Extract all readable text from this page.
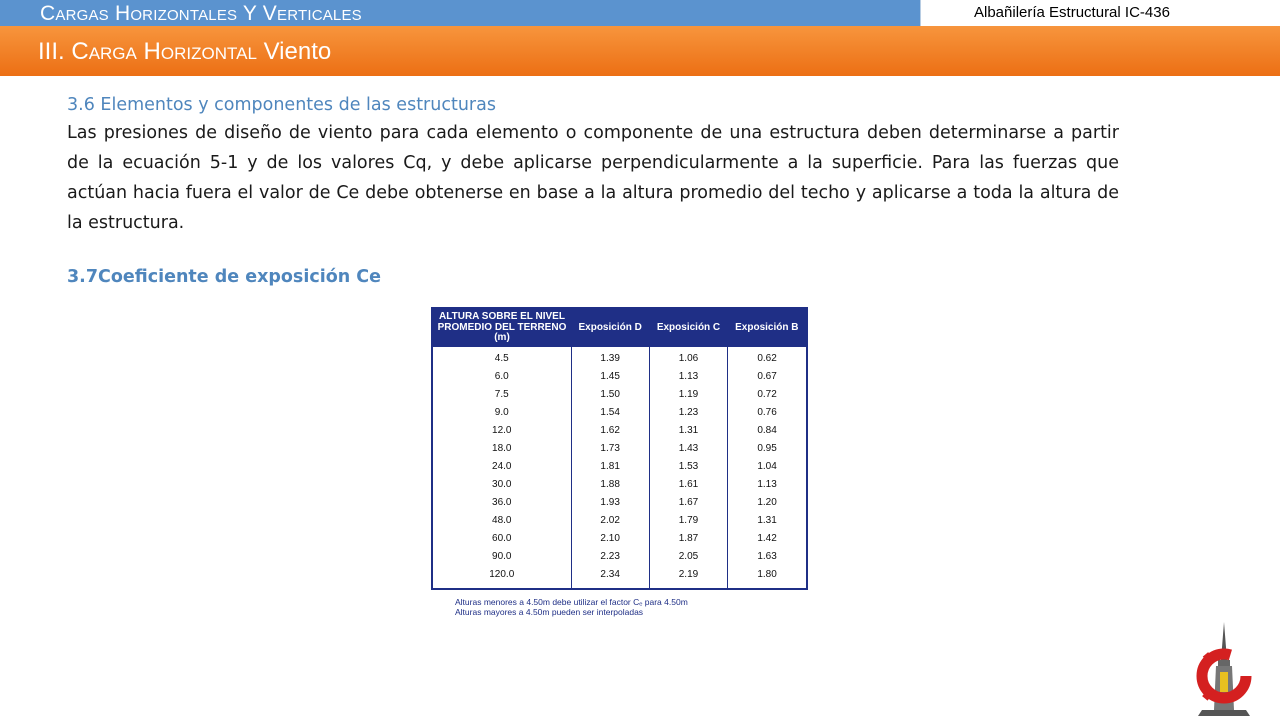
Cargas Horizontales Y Verticales	Albañilería Estructural IC-436
III. Carga Horizontal Viento

3.6 Elementos y componentes de las estructuras

Las presiones de diseño de viento para cada elemento o componente de una estructura deben determinarse a partir de la ecuación 5-1 y de los valores Cq, y debe aplicarse perpendicularmente a la superficie. Para las fuerzas que actúan hacia fuera el valor de Ce debe obtenerse en base a la altura promedio del techo y aplicarse a toda la altura de la estructura.

3.7Coeficiente de exposición Ce
ALTURA SOBRE EL NIVEL PROMEDIO DEL TERRENO (m)	Exposición D	Exposición C	Exposición B

4.5	1.39	1.06	0.62
6.0	1.45	1.13	0.67
7.5	1.50	1.19	0.72
9.0	1.54	1.23	0.76
12.0	1.62	1.31	0.84
18.0	1.73	1.43	0.95
24.0	1.81	1.53	1.04
30.0	1.88	1.61	1.13
36.0	1.93	1.67	1.20
48.0	2.02	1.79	1.31
60.0	2.10	1.87	1.42
90.0	2.23	2.05	1.63
120.0	2.34	2.19	1.80

Alturas menores a 4.50m debe utilizar el factor Cₑ para 4.50m
Alturas mayores a 4.50m pueden ser interpoladas
